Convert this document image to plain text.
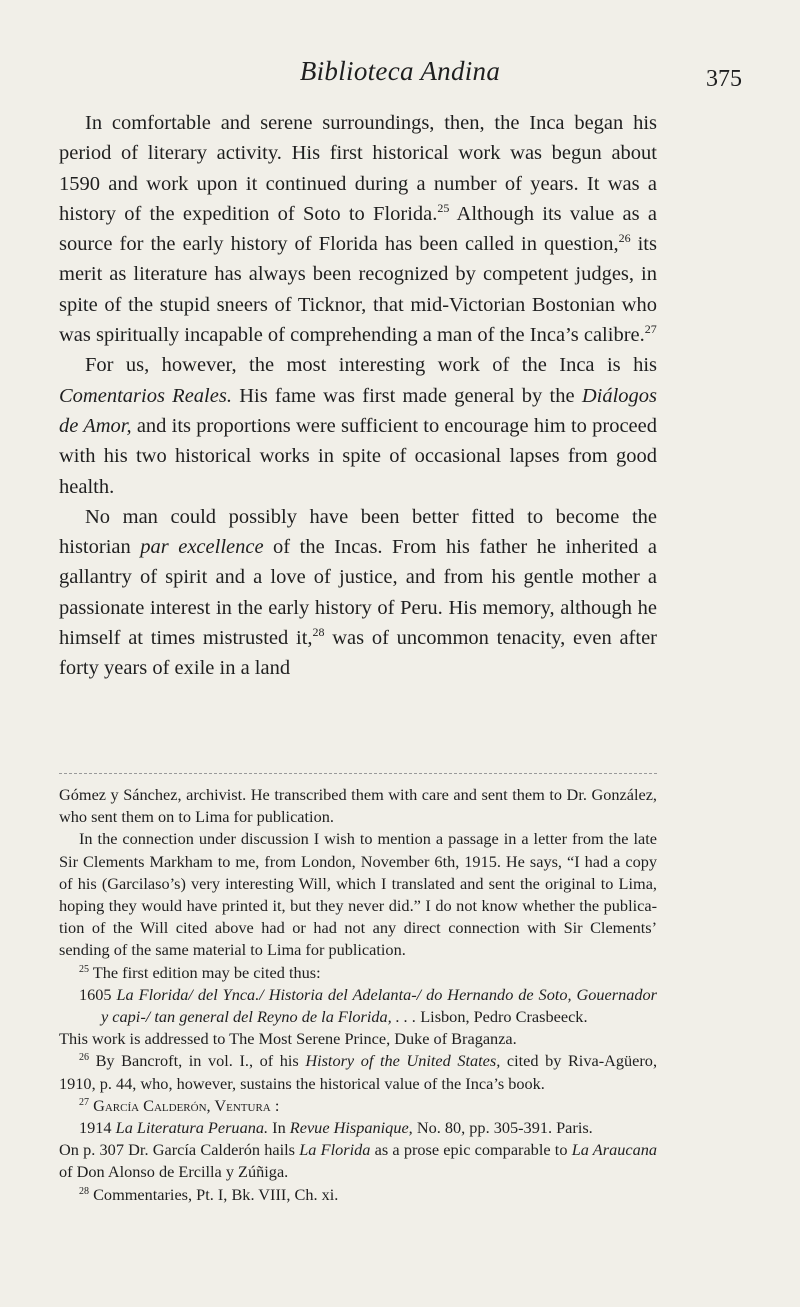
Biblioteca Andina	375

In comfortable and serene surroundings, then, the Inca began his period of literary activity. His first historical work was begun about 1590 and work upon it continued during a number of years. It was a history of the expedition of Soto to Florida.$^{25}$ Although its value as a source for the early history of Florida has been called in question,$^{26}$ its merit as literature has always been recognized by competent judges, in spite of the stupid sneers of Ticknor, that mid-Victorian Bostonian who was spiritually incapable of comprehending a man of the Inca’s calibre.$^{27}$

For us, however, the most interesting work of the Inca is his Comentarios Reales. His fame was first made general by the Diálogos de Amor, and its proportions were sufficient to encourage him to proceed with his two historical works in spite of occasional lapses from good health.

No man could possibly have been better fitted to become the historian par excellence of the Incas. From his father he inherited a gallantry of spirit and a love of justice, and from his gentle mother a passionate interest in the early history of Peru. His memory, although he himself at times mistrusted it,$^{28}$ was of uncommon tenacity, even after forty years of exile in a land

Gómez y Sánchez, archivist. He transcribed them with care and sent them to Dr. González, who sent them on to Lima for publication.

In the connection under discussion I wish to mention a passage in a letter from the late Sir Clements Markham to me, from London, November 6th, 1915. He says, “I had a copy of his (Garcilaso’s) very interesting Will, which I translated and sent the original to Lima, hoping they would have printed it, but they never did.” I do not know whether the publication of the Will cited above had or had not any direct connection with Sir Clements’ sending of the same material to Lima for publication.

$^{25}$ The first edition may be cited thus:

1605 La Florida/ del Ynca./ Historia del Adelanta-/ do Hernando de Soto, Gouernador y capi-/ tan general del Reyno de la Florida, . . . Lisbon, Pedro Crasbeeck.

This work is addressed to The Most Serene Prince, Duke of Braganza.

$^{26}$ By Bancroft, in vol. I., of his History of the United States, cited by Riva-Agüero, 1910, p. 44, who, however, sustains the historical value of the Inca’s book.

$^{27}$ García Calderón, Ventura :

1914 La Literatura Peruana. In Revue Hispanique, No. 80, pp. 305-391. Paris.

On p. 307 Dr. García Calderón hails La Florida as a prose epic comparable to La Araucana of Don Alonso de Ercilla y Zúñiga.

$^{28}$ Commentaries, Pt. I, Bk. VIII, Ch. xi.
